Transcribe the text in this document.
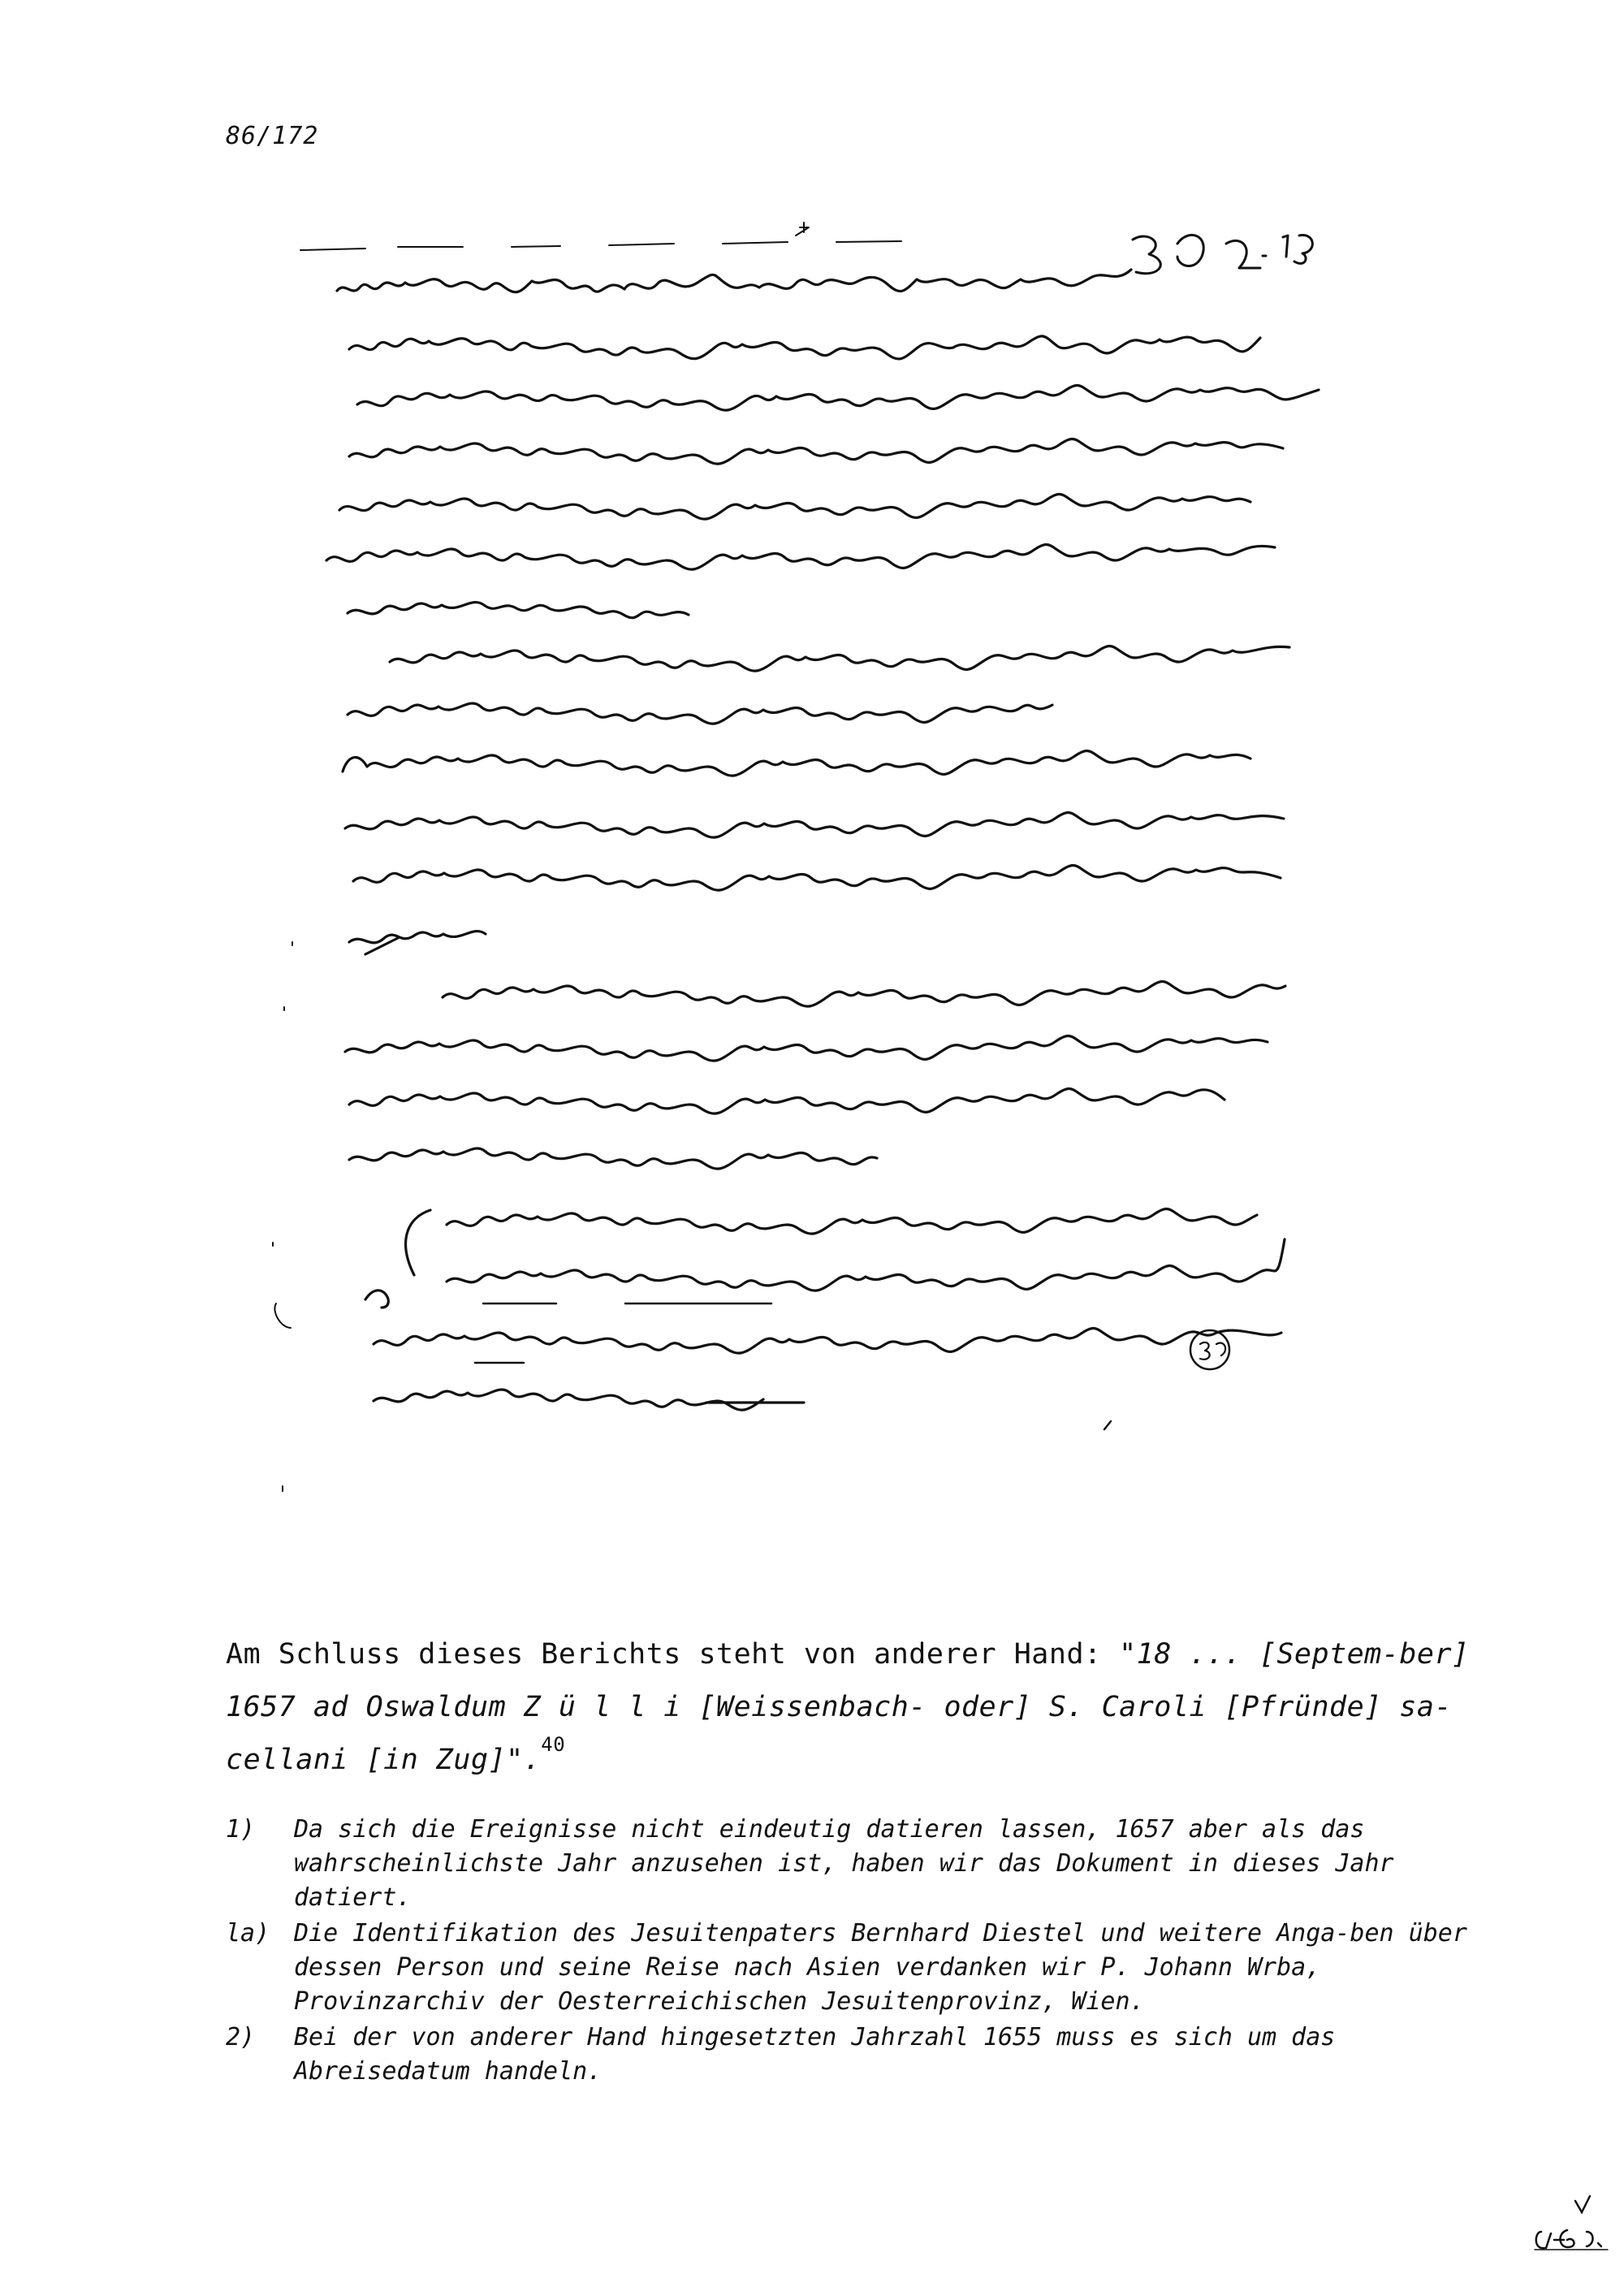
86/172
Am Schluss dieses Berichts steht von anderer Hand: "18 ... [Septem-ber] 1657 ad Oswaldum Z ü l l i [Weissenbach- oder] S. Caroli [Pfründe] sa-cellani [in Zug]".$^{40}$
1)	Da sich die Ereignisse nicht eindeutig datieren lassen, 1657 aber als das wahrscheinlichste Jahr anzusehen ist, haben wir das Dokument in dieses Jahr datiert.
la) Die Identifikation des Jesuitenpaters Bernhard Diestel und weitere Anga-ben über dessen Person und seine Reise nach Asien verdanken wir P. Johann Wrba, Provinzarchiv der Oesterreichischen Jesuitenprovinz, Wien.
2)	Bei der von anderer Hand hingesetzten Jahrzahl 1655 muss es sich um das Abreisedatum handeln.
